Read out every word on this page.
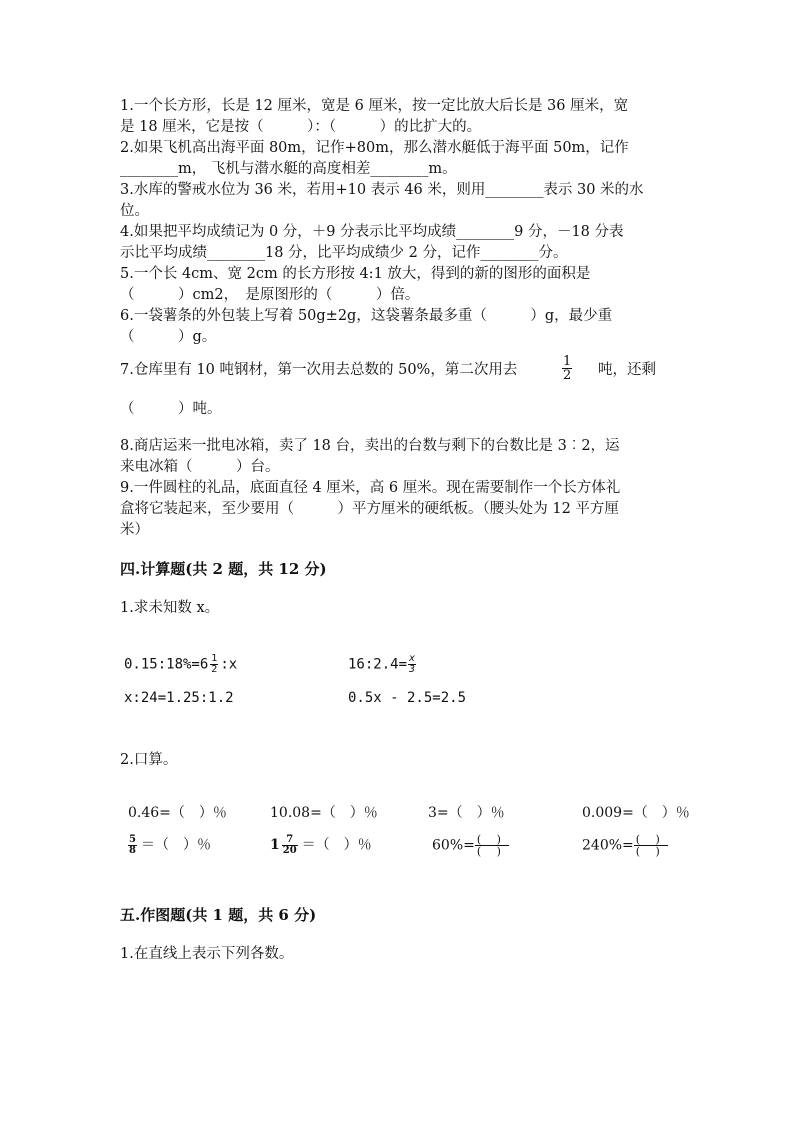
1.一个长方形，长是 12 厘米，宽是 6 厘米，按一定比放大后长是 36 厘米，宽
是 18 厘米，它是按（　　　）：（　　　）的比扩大的。
2.如果飞机高出海平面 80m，记作+80m，那么潜水艇低于海平面 50m，记作
________m， 飞机与潜水艇的高度相差________m。
3.水库的警戒水位为 36 米，若用+10 表示 46 米，则用________表示 30 米的水
位。
4.如果把平均成绩记为 0 分，＋9 分表示比平均成绩________9 分，－18 分表
示比平均成绩________18 分，比平均成绩少 2 分，记作________分。
5.一个长 4cm、宽 2cm 的长方形按 4:1 放大，得到的新的图形的面积是
（　　　）cm2，　是原图形的（　　　）倍。
6.一袋薯条的外包装上写着 50g±2g，这袋薯条最多重（　　　）g，最少重
（　　　）g。
7.仓库里有 10 吨钢材，第一次用去总数的 50%，第二次用去	$\frac{1}{2}$ 吨，还剩
（　　　）吨。
8.商店运来一批电冰箱，卖了 18 台，卖出的台数与剩下的台数比是 3︰2，运
来电冰箱（　　　）台。
9.一件圆柱的礼品，底面直径 4 厘米，高 6 厘米。现在需要制作一个长方体礼
盒将它装起来，至少要用（　　　）平方厘米的硬纸板。（腰头处为 12 平方厘
米）
四.计算题(共 2 题，共 12 分)
1.求未知数 x。
0.15:18%=6 $\frac{1}{2}$ :x	16:2.4= $\frac{x}{3}$
x:24=1.25:1.2	0.5x - 2.5=2.5
2.口算。
0.46=（　）％	10.08=（　）％	3=（　）％	0.009=（　）％
$\frac{5}{8}$ ＝（　）％	$1 \frac{7}{20}$ ＝（　）％	$60\%= \frac{( )}{( )}$	$240\%= \frac{( )}{( )}$
五.作图题(共 1 题，共 6 分)
1.在直线上表示下列各数。
